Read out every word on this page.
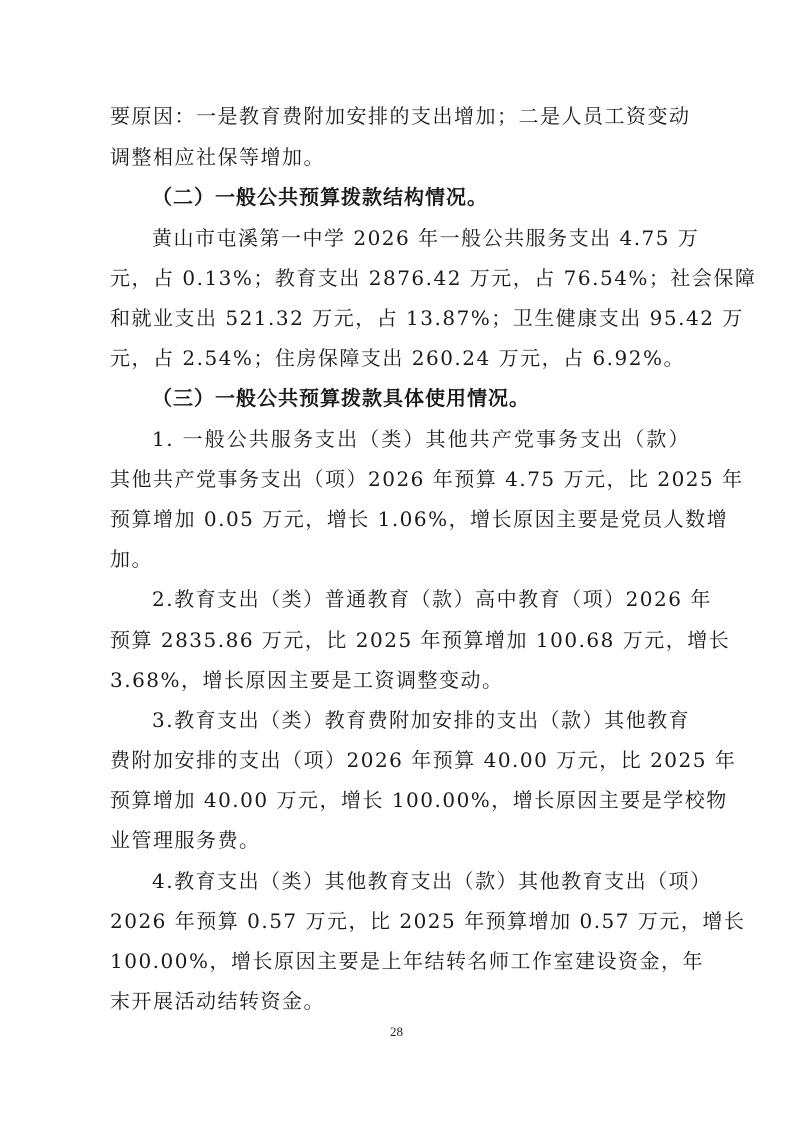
要原因：一是教育费附加安排的支出增加；二是人员工资变动
调整相应社保等增加。
（二）一般公共预算拨款结构情况。
黄山市屯溪第一中学 2026 年一般公共服务支出 4.75 万
元，占 0.13%；教育支出 2876.42 万元，占 76.54%；社会保障
和就业支出 521.32 万元，占 13.87%；卫生健康支出 95.42 万
元，占 2.54%；住房保障支出 260.24 万元，占 6.92%。
（三）一般公共预算拨款具体使用情况。
1. 一般公共服务支出（类）其他共产党事务支出（款）
其他共产党事务支出（项）2026 年预算 4.75 万元，比 2025 年
预算增加 0.05 万元，增长 1.06%，增长原因主要是党员人数增
加。
2.教育支出（类）普通教育（款）高中教育（项）2026 年
预算 2835.86 万元，比 2025 年预算增加 100.68 万元，增长
3.68%，增长原因主要是工资调整变动。
3.教育支出（类）教育费附加安排的支出（款）其他教育
费附加安排的支出（项）2026 年预算 40.00 万元，比 2025 年
预算增加 40.00 万元，增长 100.00%，增长原因主要是学校物
业管理服务费。
4.教育支出（类）其他教育支出（款）其他教育支出（项）
2026 年预算 0.57 万元，比 2025 年预算增加 0.57 万元，增长
100.00%，增长原因主要是上年结转名师工作室建设资金，年
末开展活动结转资金。
28
